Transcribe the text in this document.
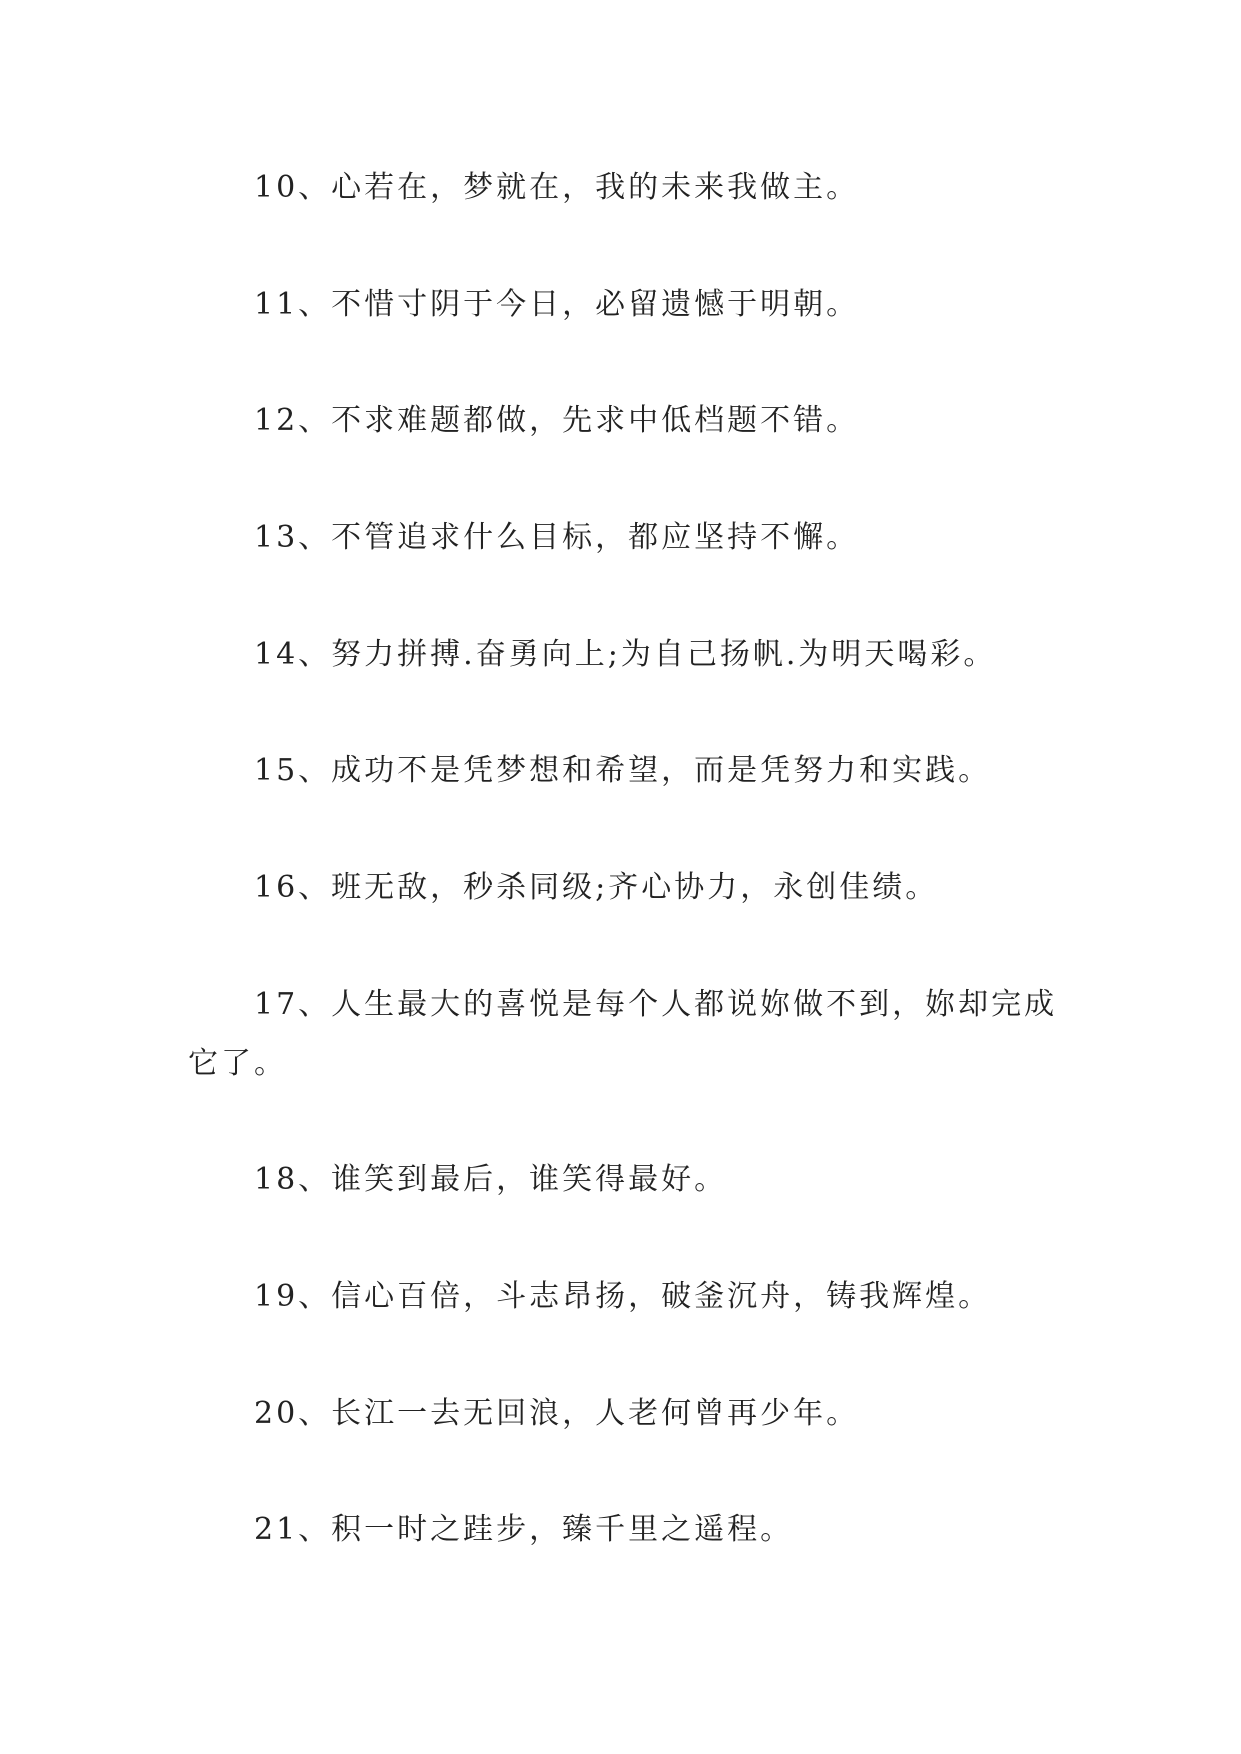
10、心若在，梦就在，我的未来我做主。

11、不惜寸阴于今日，必留遗憾于明朝。

12、不求难题都做，先求中低档题不错。

13、不管追求什么目标，都应坚持不懈。

14、努力拼搏.奋勇向上;为自己扬帆.为明天喝彩。

15、成功不是凭梦想和希望，而是凭努力和实践。

16、班无敌，秒杀同级;齐心协力，永创佳绩。

17、人生最大的喜悦是每个人都说妳做不到，妳却完成
它了。

18、谁笑到最后，谁笑得最好。

19、信心百倍，斗志昂扬，破釜沉舟，铸我辉煌。

20、长江一去无回浪，人老何曾再少年。

21、积一时之跬步，臻千里之遥程。
